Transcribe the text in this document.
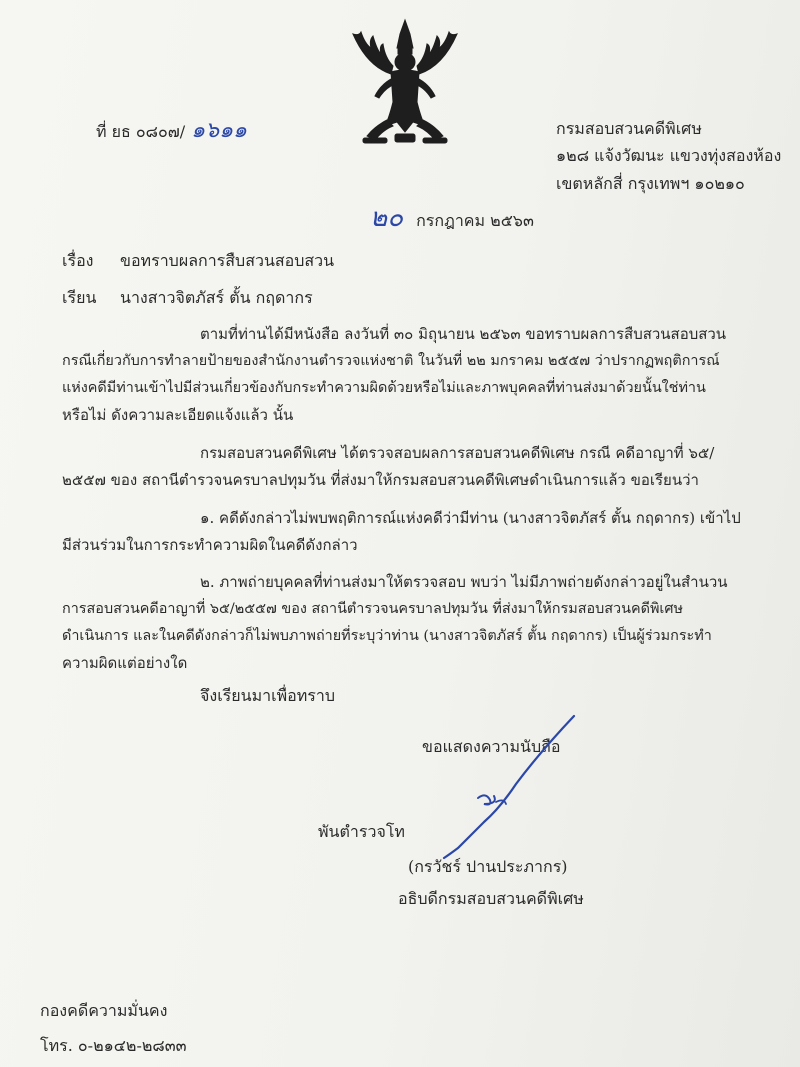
ที่ ยธ ๐๘๐๗/ ๑๖๑๑	กรมสอบสวนคดีพิเศษ
๑๒๘ แจ้งวัฒนะ แขวงทุ่งสองห้อง
เขตหลักสี่ กรุงเทพฯ ๑๐๒๑๐
๒๐ กรกฎาคม ๒๕๖๓
เรื่อง ขอทราบผลการสืบสวนสอบสวน
เรียน นางสาวจิตภัสร์ ตั้น กฤดากร
ตามที่ท่านได้มีหนังสือ ลงวันที่ ๓๐ มิถุนายน ๒๕๖๓ ขอทราบผลการสืบสวนสอบสวน
กรณีเกี่ยวกับการทำลายป้ายของสำนักงานตำรวจแห่งชาติ ในวันที่ ๒๒ มกราคม ๒๕๕๗ ว่าปรากฏพฤติการณ์
แห่งคดีมีท่านเข้าไปมีส่วนเกี่ยวข้องกับกระทำความผิดด้วยหรือไม่และภาพบุคคลที่ท่านส่งมาด้วยนั้นใช่ท่าน
หรือไม่ ดังความละเอียดแจ้งแล้ว นั้น
กรมสอบสวนคดีพิเศษ ได้ตรวจสอบผลการสอบสวนคดีพิเศษ กรณี คดีอาญาที่ ๖๕/
๒๕๕๗ ของ สถานีตำรวจนครบาลปทุมวัน ที่ส่งมาให้กรมสอบสวนคดีพิเศษดำเนินการแล้ว ขอเรียนว่า
๑. คดีดังกล่าวไม่พบพฤติการณ์แห่งคดีว่ามีท่าน (นางสาวจิตภัสร์ ตั้น กฤดากร) เข้าไป
มีส่วนร่วมในการกระทำความผิดในคดีดังกล่าว
๒. ภาพถ่ายบุคคลที่ท่านส่งมาให้ตรวจสอบ พบว่า ไม่มีภาพถ่ายดังกล่าวอยู่ในสำนวน
การสอบสวนคดีอาญาที่ ๖๕/๒๕๕๗ ของ สถานีตำรวจนครบาลปทุมวัน ที่ส่งมาให้กรมสอบสวนคดีพิเศษ
ดำเนินการ และในคดีดังกล่าวก็ไม่พบภาพถ่ายที่ระบุว่าท่าน (นางสาวจิตภัสร์ ตั้น กฤดากร) เป็นผู้ร่วมกระทำ
ความผิดแต่อย่างใด
จึงเรียนมาเพื่อทราบ
ขอแสดงความนับถือ
พันตำรวจโท
(กรวัชร์ ปานประภากร)
อธิบดีกรมสอบสวนคดีพิเศษ
กองคดีความมั่นคง
โทร. ๐-๒๑๔๒-๒๘๓๓
